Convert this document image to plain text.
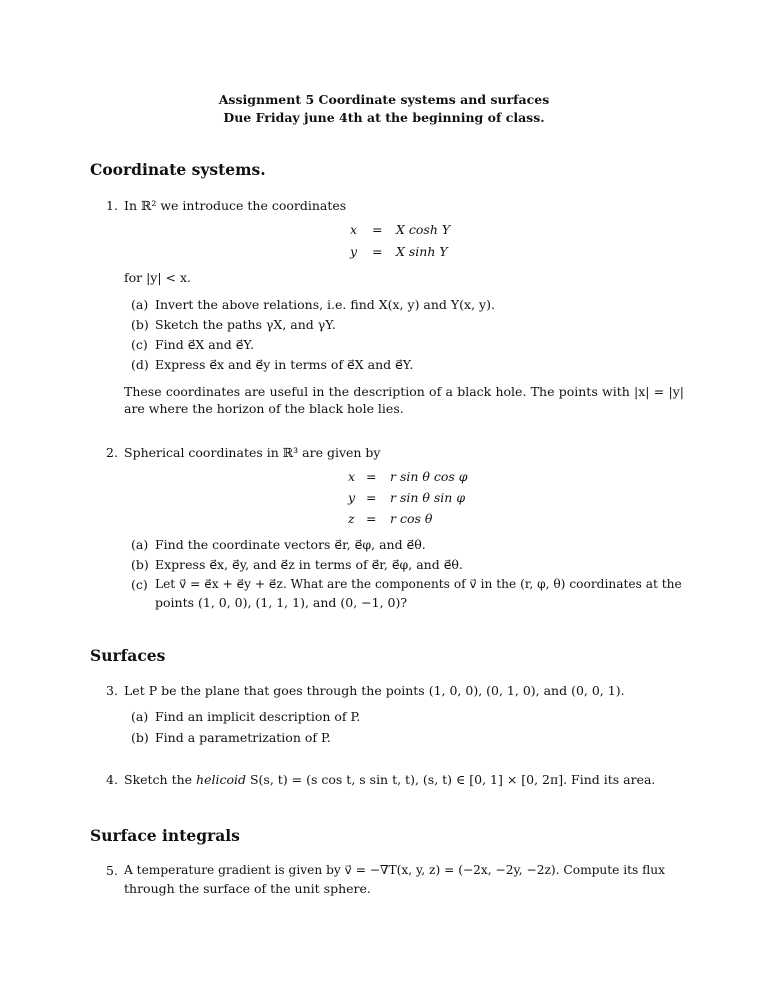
Assignment 5 Coordinate systems and surfaces
Due Friday june 4th at the beginning of class.
Coordinate systems.
1. In ℝ² we introduce the coordinates
x = X cosh Y
y = X sinh Y
for |y| < x.
(a) Invert the above relations, i.e. find X(x, y) and Y(x, y).
(b) Sketch the paths γX, and γY.
(c) Find e⃗X and e⃗Y.
(d) Express e⃗x and e⃗y in terms of e⃗X and e⃗Y.
These coordinates are useful in the description of a black hole. The points with |x| = |y| are where the horizon of the black hole lies.
2. Spherical coordinates in ℝ³ are given by
x = r sin θ cos φ
y = r sin θ sin φ
z = r cos θ
(a) Find the coordinate vectors e⃗r, e⃗φ, and e⃗θ.
(b) Express e⃗x, e⃗y, and e⃗z in terms of e⃗r, e⃗φ, and e⃗θ.
(c) Let v⃗ = e⃗x + e⃗y + e⃗z. What are the components of v⃗ in the (r, φ, θ) coordinates at the
points (1, 0, 0), (1, 1, 1), and (0, −1, 0)?
Surfaces
3. Let P be the plane that goes through the points (1, 0, 0), (0, 1, 0), and (0, 0, 1).
(a) Find an implicit description of P.
(b) Find a parametrization of P.
4. Sketch the helicoid S(s, t) = (s cos t, s sin t, t), (s, t) ∈ [0, 1] × [0, 2π]. Find its area.
Surface integrals
5. A temperature gradient is given by v⃗ = −∇T(x, y, z) = (−2x, −2y, −2z). Compute its flux
through the surface of the unit sphere.
